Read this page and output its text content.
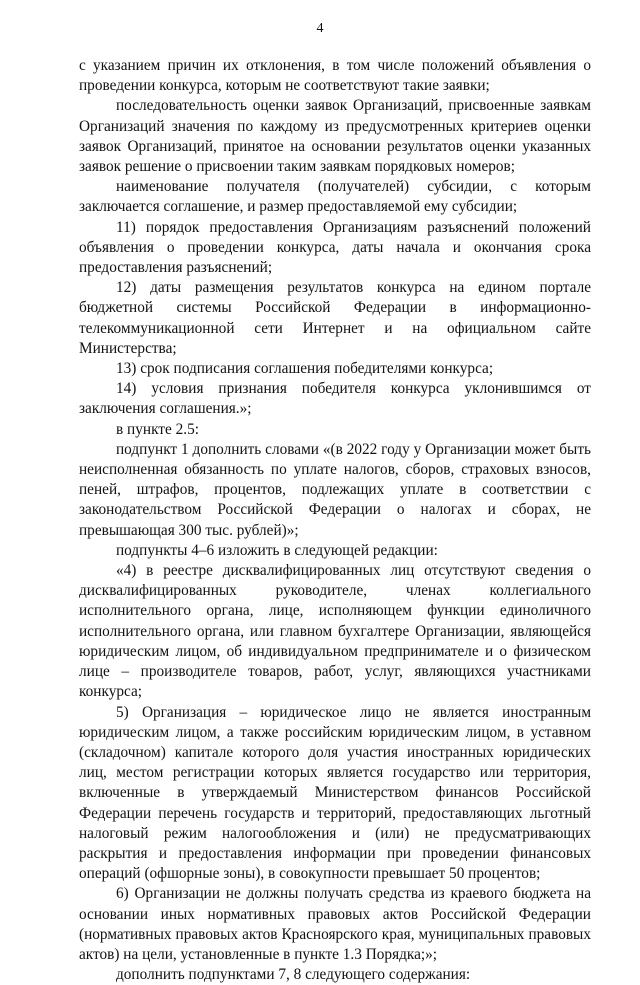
4

с указанием причин их отклонения, в том числе положений объявления о проведении конкурса, которым не соответствуют такие заявки;

последовательность оценки заявок Организаций, присвоенные заявкам Организаций значения по каждому из предусмотренных критериев оценки заявок Организаций, принятое на основании результатов оценки указанных заявок решение о присвоении таким заявкам порядковых номеров;

наименование получателя (получателей) субсидии, с которым заключается соглашение, и размер предоставляемой ему субсидии;

11) порядок предоставления Организациям разъяснений положений объявления о проведении конкурса, даты начала и окончания срока предоставления разъяснений;

12) даты размещения результатов конкурса на едином портале бюджетной системы Российской Федерации в информационно-телекоммуникационной сети Интернет и на официальном сайте Министерства;

13) срок подписания соглашения победителями конкурса;

14) условия признания победителя конкурса уклонившимся от заключения соглашения.»;

в пункте 2.5:

подпункт 1 дополнить словами «(в 2022 году у Организации может быть неисполненная обязанность по уплате налогов, сборов, страховых взносов, пеней, штрафов, процентов, подлежащих уплате в соответствии с законодательством Российской Федерации о налогах и сборах, не превышающая 300 тыс. рублей)»;

подпункты 4–6 изложить в следующей редакции:

«4) в реестре дисквалифицированных лиц отсутствуют сведения о дисквалифицированных руководителе, членах коллегиального исполнительного органа, лице, исполняющем функции единоличного исполнительного органа, или главном бухгалтере Организации, являющейся юридическим лицом, об индивидуальном предпринимателе и о физическом лице – производителе товаров, работ, услуг, являющихся участниками конкурса;

5) Организация – юридическое лицо не является иностранным юридическим лицом, а также российским юридическим лицом, в уставном (складочном) капитале которого доля участия иностранных юридических лиц, местом регистрации которых является государство или территория, включенные в утверждаемый Министерством финансов Российской Федерации перечень государств и территорий, предоставляющих льготный налоговый режим налогообложения и (или) не предусматривающих раскрытия и предоставления информации при проведении финансовых операций (офшорные зоны), в совокупности превышает 50 процентов;

6) Организации не должны получать средства из краевого бюджета на основании иных нормативных правовых актов Российской Федерации (нормативных правовых актов Красноярского края, муниципальных правовых актов) на цели, установленные в пункте 1.3 Порядка;»;

дополнить подпунктами 7, 8 следующего содержания:
